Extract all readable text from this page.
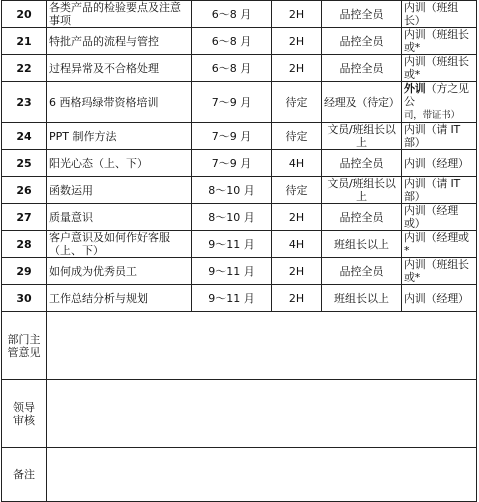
20	各类产品的检验要点及注意事项	6～8 月	2H	品控全员	内训（班组长）
21	特批产品的流程与管控	6～8 月	2H	品控全员	内训（班组长或*
22	过程异常及不合格处理	6～8 月	2H	品控全员	内训（班组长或*
23	6 西格玛绿带资格培训	7～9 月	待定	经理及（待定）	外训（方之见公
司，带证书）
24	PPT 制作方法	7～9 月	待定	文员/班组长以上	内训（请 IT 部）
25	阳光心态（上、下）	7～9 月	4H	品控全员	内训（经理）
26	函数运用	8～10 月	待定	文员/班组长以上	内训（请 IT 部）
27	质量意识	8～10 月	2H	品控全员	内训（经理或）
28	客户意识及如何作好客服（上、下）	9～11 月	4H	班组长以上	内训（经理或*
29	如何成为优秀员工	9～11 月	2H	品控全员	内训（班组长或*
30	工作总结分析与规划	9～11 月	2H	班组长以上	内训（经理）
部门主
管意见					
领导
审核					
备注					
